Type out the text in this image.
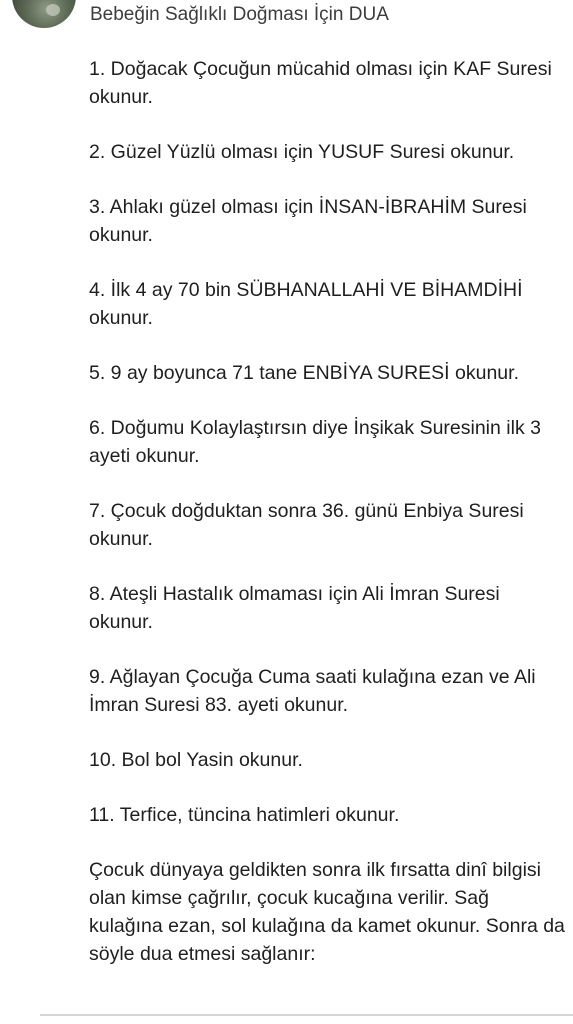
Bebeğin Sağlıklı Doğması İçin DUA

1. Doğacak Çocuğun mücahid olması için KAF Suresi okunur.

2. Güzel Yüzlü olması için YUSUF Suresi okunur.

3. Ahlakı güzel olması için İNSAN-İBRAHİM Suresi okunur.

4. İlk 4 ay 70 bin SÜBHANALLAHİ VE BİHAMDİHİ okunur.

5. 9 ay boyunca 71 tane ENBİYA SURESİ okunur.

6. Doğumu Kolaylaştırsın diye İnşikak Suresinin ilk 3 ayeti okunur.

7. Çocuk doğduktan sonra 36. günü Enbiya Suresi okunur.

8. Ateşli Hastalık olmaması için Ali İmran Suresi okunur.

9. Ağlayan Çocuğa Cuma saati kulağına ezan ve Ali İmran Suresi 83. ayeti okunur.

10. Bol bol Yasin okunur.

11. Terfice, tüncina hatimleri okunur.

Çocuk dünyaya geldikten sonra ilk fırsatta dinî bilgisi olan kimse çağrılır, çocuk kucağına verilir. Sağ kulağına ezan, sol kulağına da kamet okunur. Sonra da söyle dua etmesi sağlanır:
